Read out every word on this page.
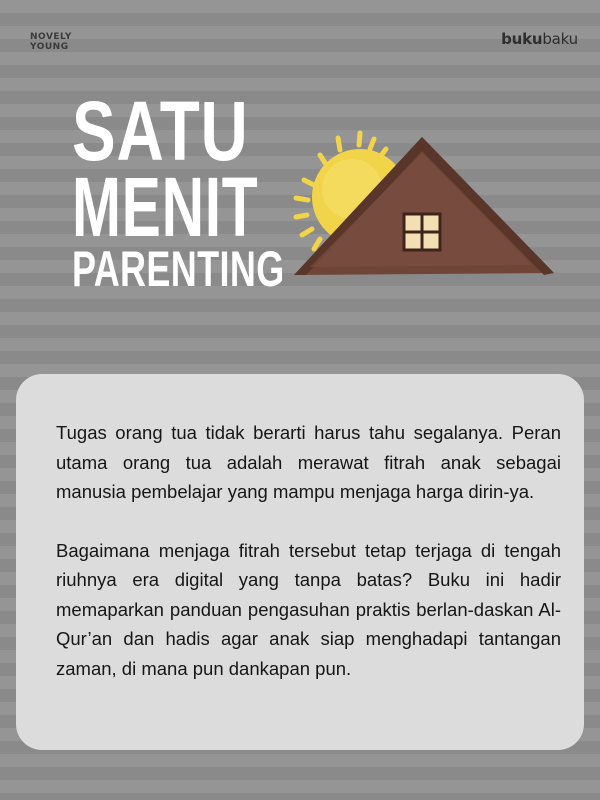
NOVELY
YOUNG	bukubaku
SATU
MENIT
PARENTING

Tugas orang tua tidak berarti harus tahu segalanya. Peran utama orang tua adalah merawat fitrah anak sebagai manusia pembelajar yang mampu menjaga harga dirin-ya.

Bagaimana menjaga fitrah tersebut tetap terjaga di tengah riuhnya era digital yang tanpa batas? Buku ini hadir memaparkan panduan pengasuhan praktis berlan-daskan Al-Qur’an dan hadis agar anak siap menghadapi tantangan zaman, di mana pun dankapan pun.
